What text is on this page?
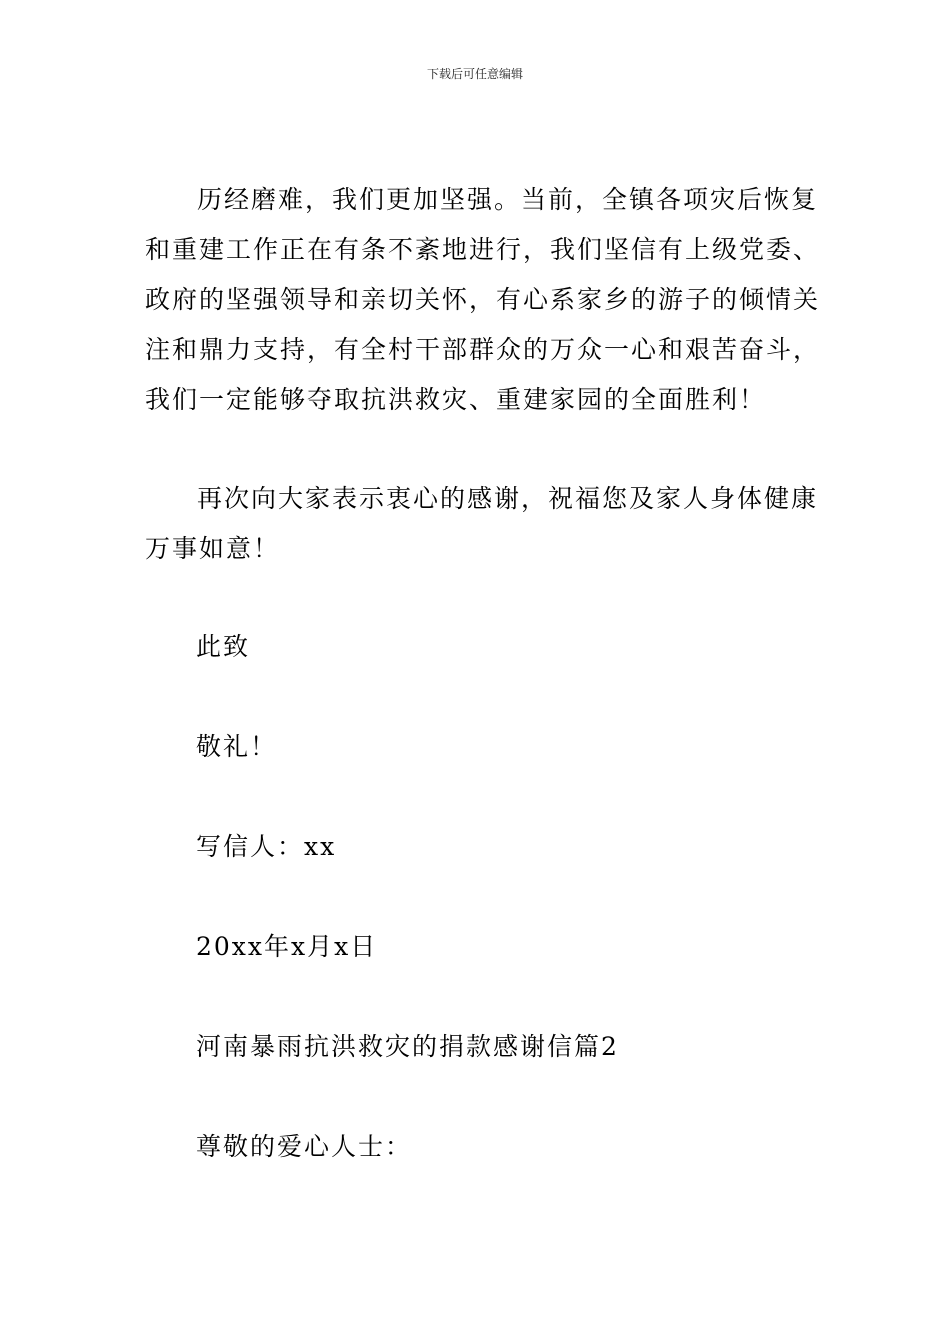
下载后可任意编辑

历经磨难，我们更加坚强。当前，全镇各项灾后恢复
和重建工作正在有条不紊地进行，我们坚信有上级党委、
政府的坚强领导和亲切关怀，有心系家乡的游子的倾情关
注和鼎力支持，有全村干部群众的万众一心和艰苦奋斗，
我们一定能够夺取抗洪救灾、重建家园的全面胜利！

再次向大家表示衷心的感谢，祝福您及家人身体健康
万事如意！

此致
敬礼！
写信人：xx
20xx年x月x日
河南暴雨抗洪救灾的捐款感谢信篇2
尊敬的爱心人士：
